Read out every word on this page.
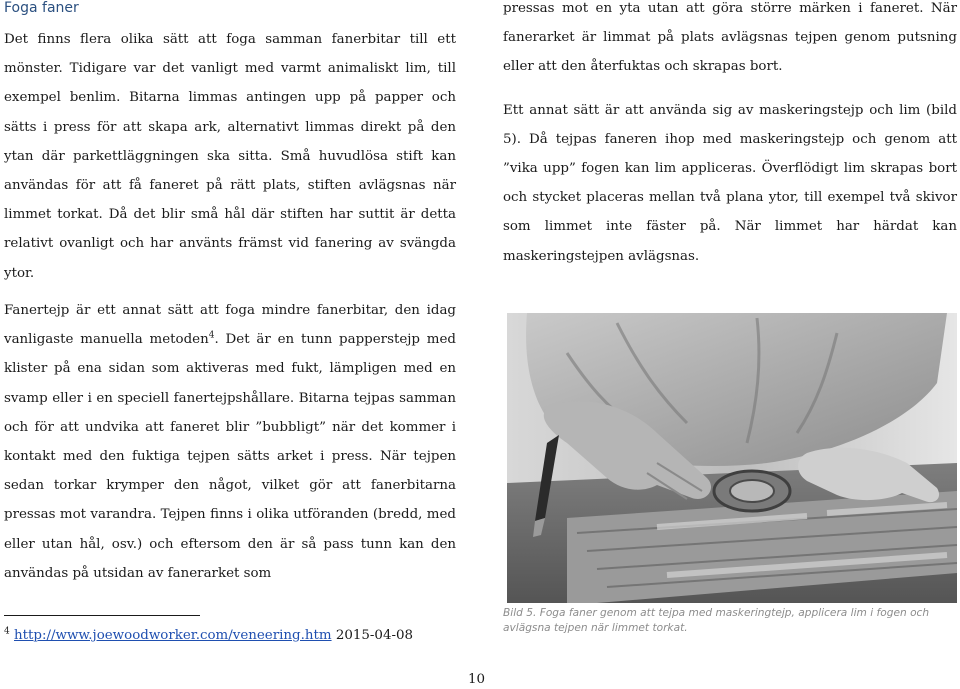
Foga faner

Det finns flera olika sätt att foga samman fanerbitar till ett mönster. Tidigare var det vanligt med varmt animaliskt lim, till exempel benlim. Bitarna limmas antingen upp på papper och sätts i press för att skapa ark, alternativt limmas direkt på den ytan där parkettläggningen ska sitta. Små huvudlösa stift kan användas för att få faneret på rätt plats, stiften avlägsnas när limmet torkat. Då det blir små hål där stiften har suttit är detta relativt ovanligt och har använts främst vid fanering av svängda ytor.

Fanertejp är ett annat sätt att foga mindre fanerbitar, den idag vanligaste manuella metoden$^4$. Det är en tunn papperstejp med klister på ena sidan som aktiveras med fukt, lämpligen med en svamp eller i en speciell fanertejpshållare. Bitarna tejpas samman och för att undvika att faneret blir ”bubbligt” när det kommer i kontakt med den fuktiga tejpen sätts arket i press. När tejpen sedan torkar krymper den något, vilket gör att fanerbitarna pressas mot varandra. Tejpen finns i olika utföranden (bredd, med eller utan hål, osv.) och eftersom den är så pass tunn kan den användas på utsidan av fanerarket som

pressas mot en yta utan att göra större märken i faneret. När fanerarket är limmat på plats avlägsnas tejpen genom putsning eller att den återfuktas och skrapas bort.

Ett annat sätt är att använda sig av maskeringstejp och lim (bild 5). Då tejpas faneren ihop med maskeringstejp och genom att ”vika upp” fogen kan lim appliceras. Överflödigt lim skrapas bort och stycket placeras mellan två plana ytor, till exempel två skivor som limmet inte fäster på. När limmet har härdat kan maskeringstejpen avlägsnas.

Bild 5. Foga faner genom att tejpa med maskeringtejp, applicera lim i fogen och avlägsna tejpen när limmet torkat.
$^4$ http://www.joewoodworker.com/veneering.htm 2015-04-08
10
